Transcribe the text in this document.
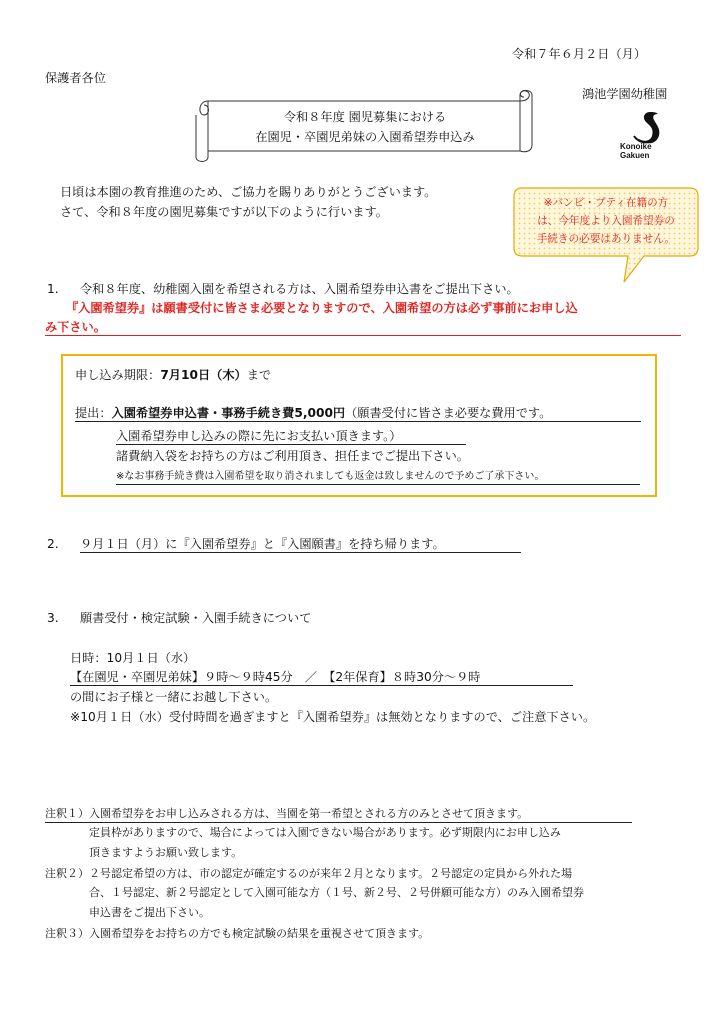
令和７年６月２日（月）
保護者各位
鴻池学園幼稚園
Konoike Gakuen
令和８年度 園児募集における
在園児・卒園児弟妹の入園希望券申込み
日頃は本園の教育推進のため、ご協力を賜りありがとうございます。
さて、令和８年度の園児募集ですが以下のように行います。
※バンビ・プティ在籍の方
は、今年度より入園希望券の
手続きの必要はありません。
1. 令和８年度、幼稚園入園を希望される方は、入園希望券申込書をご提出下さい。
『入園希望券』は願書受付に皆さま必要となりますので、入園希望の方は必ず事前にお申し込
み下さい。
申し込み期限：7月10日（木）まで
提出：入園希望券申込書・事務手続き費5,000円（願書受付に皆さま必要な費用です。
入園希望券申し込みの際に先にお支払い頂きます。）
諸費納入袋をお持ちの方はご利用頂き、担任までご提出下さい。
※なお事務手続き費は入園希望を取り消されましても返金は致しませんので予めご了承下さい。
2. ９月１日（月）に『入園希望券』と『入園願書』を持ち帰ります。
3. 願書受付・検定試験・入園手続きについて
日時：10月１日（水）
【在園児・卒園児弟妹】９時～９時45分　／　【2年保育】８時30分～９時
の間にお子様と一緒にお越し下さい。
※10月１日（水）受付時間を過ぎますと『入園希望券』は無効となりますので、ご注意下さい。
注釈１）入園希望券をお申し込みされる方は、当園を第一希望とされる方のみとさせて頂きます。
定員枠がありますので、場合によっては入園できない場合があります。必ず期限内にお申し込み
頂きますようお願い致します。
注釈２）２号認定希望の方は、市の認定が確定するのが来年２月となります。２号認定の定員から外れた場
合、１号認定、新２号認定として入園可能な方（１号、新２号、２号併願可能な方）のみ入園希望券
申込書をご提出下さい。
注釈３）入園希望券をお持ちの方でも検定試験の結果を重視させて頂きます。
